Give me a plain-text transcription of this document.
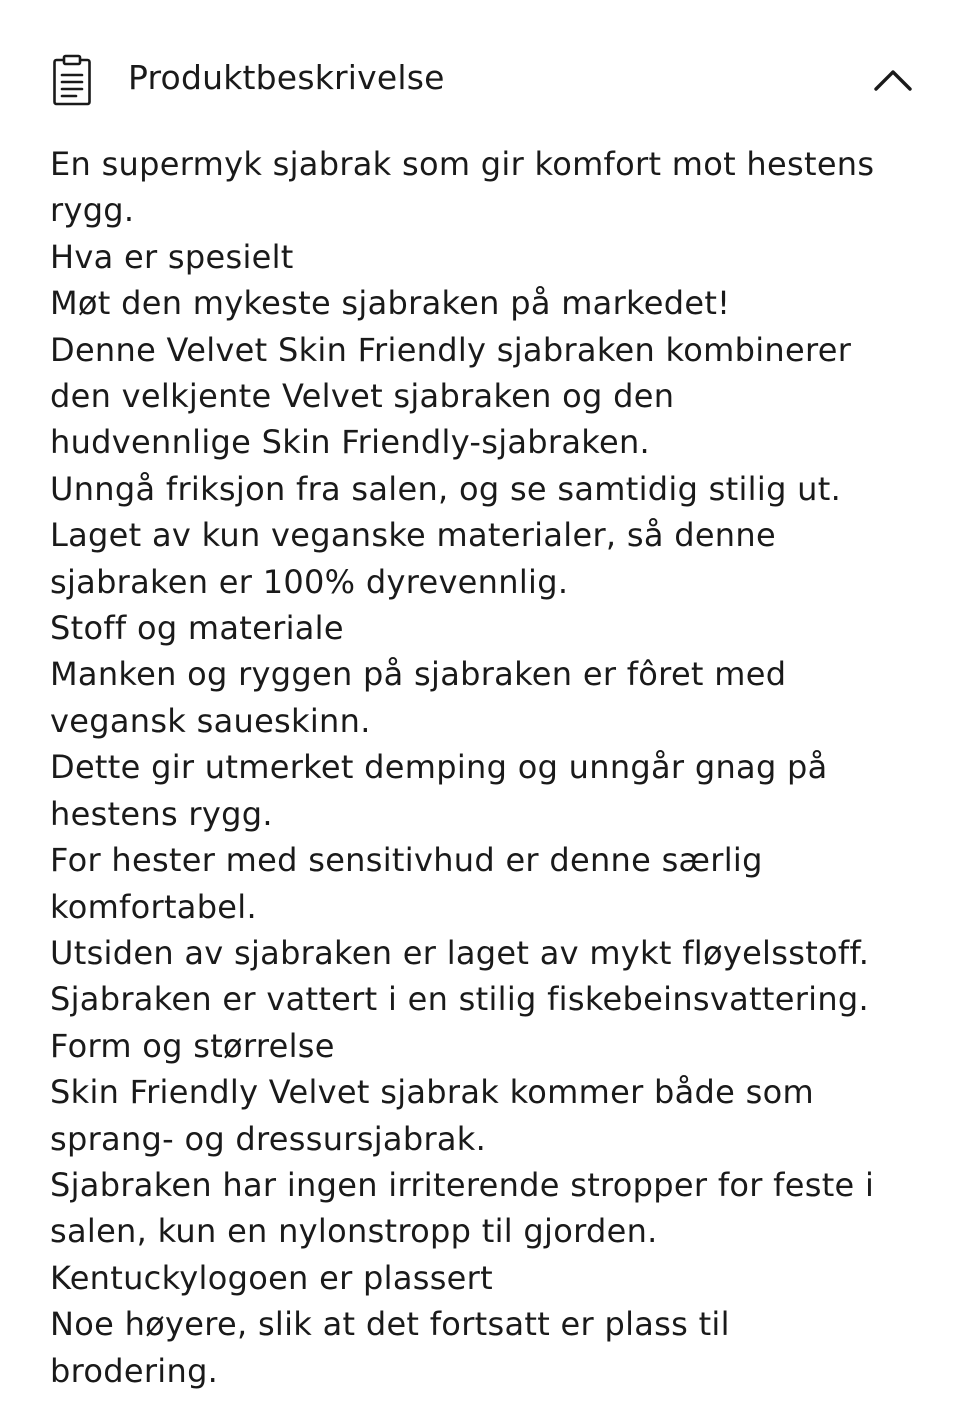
Produktbeskrivelse
En supermyk sjabrak som gir komfort mot hestens
rygg.
Hva er spesielt
Møt den mykeste sjabraken på markedet!
Denne Velvet Skin Friendly sjabraken kombinerer
den velkjente Velvet sjabraken og den
hudvennlige Skin Friendly-sjabraken.
Unngå friksjon fra salen, og se samtidig stilig ut.
Laget av kun veganske materialer, så denne
sjabraken er 100% dyrevennlig.
Stoff og materiale
Manken og ryggen på sjabraken er fôret med
vegansk saueskinn.
Dette gir utmerket demping og unngår gnag på
hestens rygg.
For hester med sensitivhud er denne særlig
komfortabel.
Utsiden av sjabraken er laget av mykt fløyelsstoff.
Sjabraken er vattert i en stilig fiskebeinsvattering.
Form og størrelse
Skin Friendly Velvet sjabrak kommer både som
sprang- og dressursjabrak.
Sjabraken har ingen irriterende stropper for feste i
salen, kun en nylonstropp til gjorden.
Kentuckylogoen er plassert
Noe høyere, slik at det fortsatt er plass til
brodering.
